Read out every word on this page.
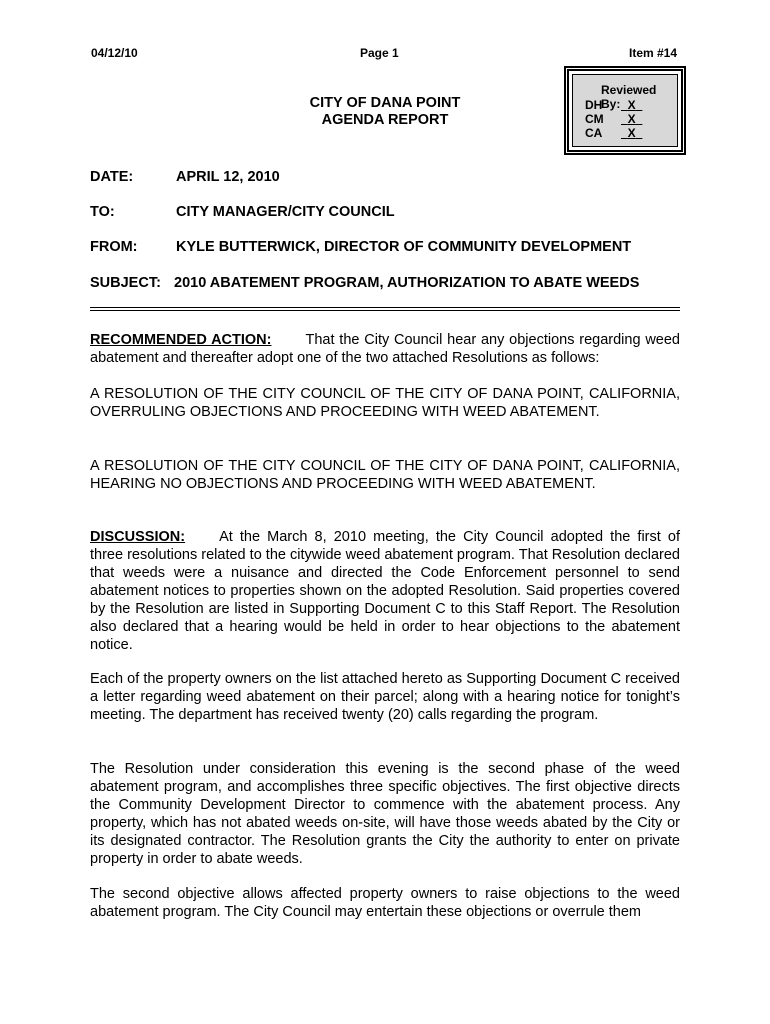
04/12/10	Page 1	Item #14
CITY OF DANA POINT
AGENDA REPORT
Reviewed By:
DH X
CM X
CA X
DATE:	APRIL 12, 2010
TO:	CITY MANAGER/CITY COUNCIL
FROM:	KYLE BUTTERWICK, DIRECTOR OF COMMUNITY DEVELOPMENT
SUBJECT: 2010 ABATEMENT PROGRAM, AUTHORIZATION TO ABATE WEEDS
RECOMMENDED ACTION: That the City Council hear any objections regarding weed abatement and thereafter adopt one of the two attached Resolutions as follows:
A RESOLUTION OF THE CITY COUNCIL OF THE CITY OF DANA POINT, CALIFORNIA, OVERRULING OBJECTIONS AND PROCEEDING WITH WEED ABATEMENT.
A RESOLUTION OF THE CITY COUNCIL OF THE CITY OF DANA POINT, CALIFORNIA, HEARING NO OBJECTIONS AND PROCEEDING WITH WEED ABATEMENT.
DISCUSSION: At the March 8, 2010 meeting, the City Council adopted the first of three resolutions related to the citywide weed abatement program. That Resolution declared that weeds were a nuisance and directed the Code Enforcement personnel to send abatement notices to properties shown on the adopted Resolution. Said properties covered by the Resolution are listed in Supporting Document C to this Staff Report. The Resolution also declared that a hearing would be held in order to hear objections to the abatement notice.
Each of the property owners on the list attached hereto as Supporting Document C received a letter regarding weed abatement on their parcel; along with a hearing notice for tonight’s meeting. The department has received twenty (20) calls regarding the program.
The Resolution under consideration this evening is the second phase of the weed abatement program, and accomplishes three specific objectives. The first objective directs the Community Development Director to commence with the abatement process. Any property, which has not abated weeds on-site, will have those weeds abated by the City or its designated contractor. The Resolution grants the City the authority to enter on private property in order to abate weeds.
The second objective allows affected property owners to raise objections to the weed abatement program. The City Council may entertain these objections or overrule them
